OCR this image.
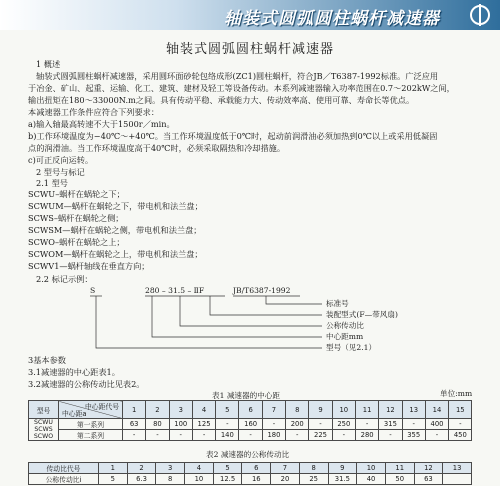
轴装式圆弧圆柱蜗杆减速器
轴装式圆弧圆柱蜗杆减速器
1 概述
轴装式圆弧圆柱蜗杆减速器，采用圆环面砂轮包络成形(ZC1)圆柱蜗杆，符合JB／T6387-1992标准。广泛应用
于冶金、矿山、起重、运输、化工、建筑、建材及轻工等设备传动。本系列减速器输入功率范围在0.7～202kW之间，
输出扭矩在180～33000N.m之间。具有传动平稳、承载能力大、传动效率高、使用可靠、寿命长等优点。
本减速器工作条件应符合下列要求：
a)输入轴最高转速不大于1500r／min。
b)工作环境温度为−40℃～+40℃。当工作环境温度低于0℃时，起动前润滑油必须加热到0℃以上或采用低凝固
点的润滑油。当工作环境温度高于40℃时，必须采取隔热和冷却措施。
c)可正反向运转。
2 型号与标记
2.1 型号
SCWU–蜗杆在蜗轮之下；
SCWUM—蜗杆在蜗轮之下，带电机和法兰盘；
SCWS–蜗杆在蜗轮之侧；
SCWSM—蜗杆在蜗轮之侧，带电机和法兰盘；
SCWO–蜗杆在蜗轮之上；
SCWOM—蜗杆在蜗轮之上，带电机和法兰盘；
SCWV1—蜗杆轴线在垂直方向；
2.2 标记示例：
S	280 – 31.5 – ⅡF	JB/T6387-1992
标准号
装配型式(F—带风扇)
公称传动比
中心距mm
型号（见2.1）
3基本参数
3.1减速器的中心距表1。
3.2减速器的公称传动比见表2。
表1 减速器的中心距	单位:mm
型号	中心距代号
中心距a	1	2	3	4	5	6	7	8	9	10	11	12	13	14	15

SCWU
SCWS
SCWO	第一系列	63	80	100	125	-	160	-	200	-	250	-	315	-	400	-
	第二系列	-	-	-	-	140	-	180	-	225	-	280	-	355	-	450
表2 减速器的公称传动比
传动比代号	1	2	3	4	5	6	7	8	9	10	11	12	13
公称传动比i	5	6.3	8	10	12.5	16	20	25	31.5	40	50	63	
